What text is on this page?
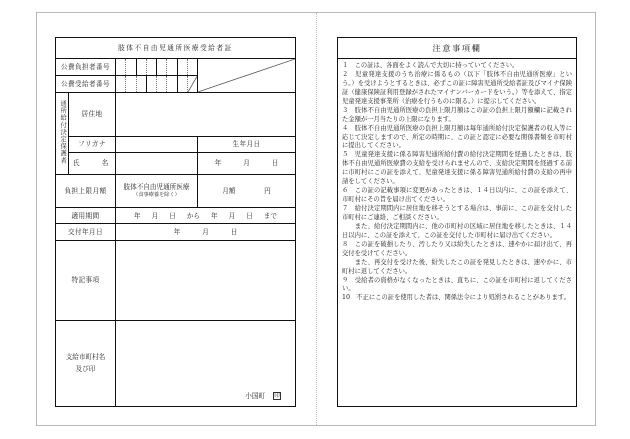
肢体不自由児通所医療受給者証			
公費負担者番号	

公費受給者番号	

通所給付決定保護者	居住地		
	フリガナ		生年月日
	氏　　名		年 月 日

負担上限月額		肢体不自由児通所医療
（食事療養を除く）	月額 円

適用期間	年 月 日 から 年 月 日 まで

交付年月日		年 月 日	

特記事項			

支給市町村名
及び印

小国町 印
注意事項欄

１　この証は、各面をよく読んで大切に持っていてください。

２　児童発達支援のうち治療に係るもの（以下「肢体不自由児通所医療」という。）を受けようとするときは、必ずこの証に障害児通所受給者証及びマイナ保険証（健康保険証利用登録がされたマイナンバーカードをいう。）等を添えて、指定児童発達支援事業所（治療を行うものに限る。）に提示してください。

３　肢体不自由児通所医療の負担上限月額はこの証の負担上限月額欄に記載された金額が一月当たりの上限になります。

４　肢体不自由児通所医療の負担上限月額は毎年通所給付決定保護者の収入等に応じて決定しますので、所定の時期に、この証と認定に必要な関係書類を市町村に提出してください。

５　児童発達支援に係る障害児通所給付費の給付決定期間を経過したときは、肢体不自由児通所医療費の支給を受けられませんので、支給決定期間を経過する前に市町村にこの証を添えて、児童発達支援に係る障害児通所給付費の支給の再申請をしてください。

６　この証の記載事項に変更があったときは、１４日以内に、この証を添えて、市町村にその旨を届け出てください。

７　給付決定期間内に居住地を移そうとする場合は、事前に、この証を交付した市町村にご連絡、ご相談ください。

　　また、給付決定期間内に、他の市町村の区域に居住地を移したときは、１４日以内に、この証を添えて、この証を交付した市町村に届け出てください。

８　この証を破損したり、汚したり又は紛失したときは、速やかに届け出て、再交付を受けてください。

　　また、再交付を受けた後、紛失したこの証を発見したときは、速やかに、市町村に返してください。

９　受給者の資格がなくなったときは、直ちに、この証を市町村に返してください。

10　不正にこの証を使用した者は、関係法令により処罰されることがあります。
